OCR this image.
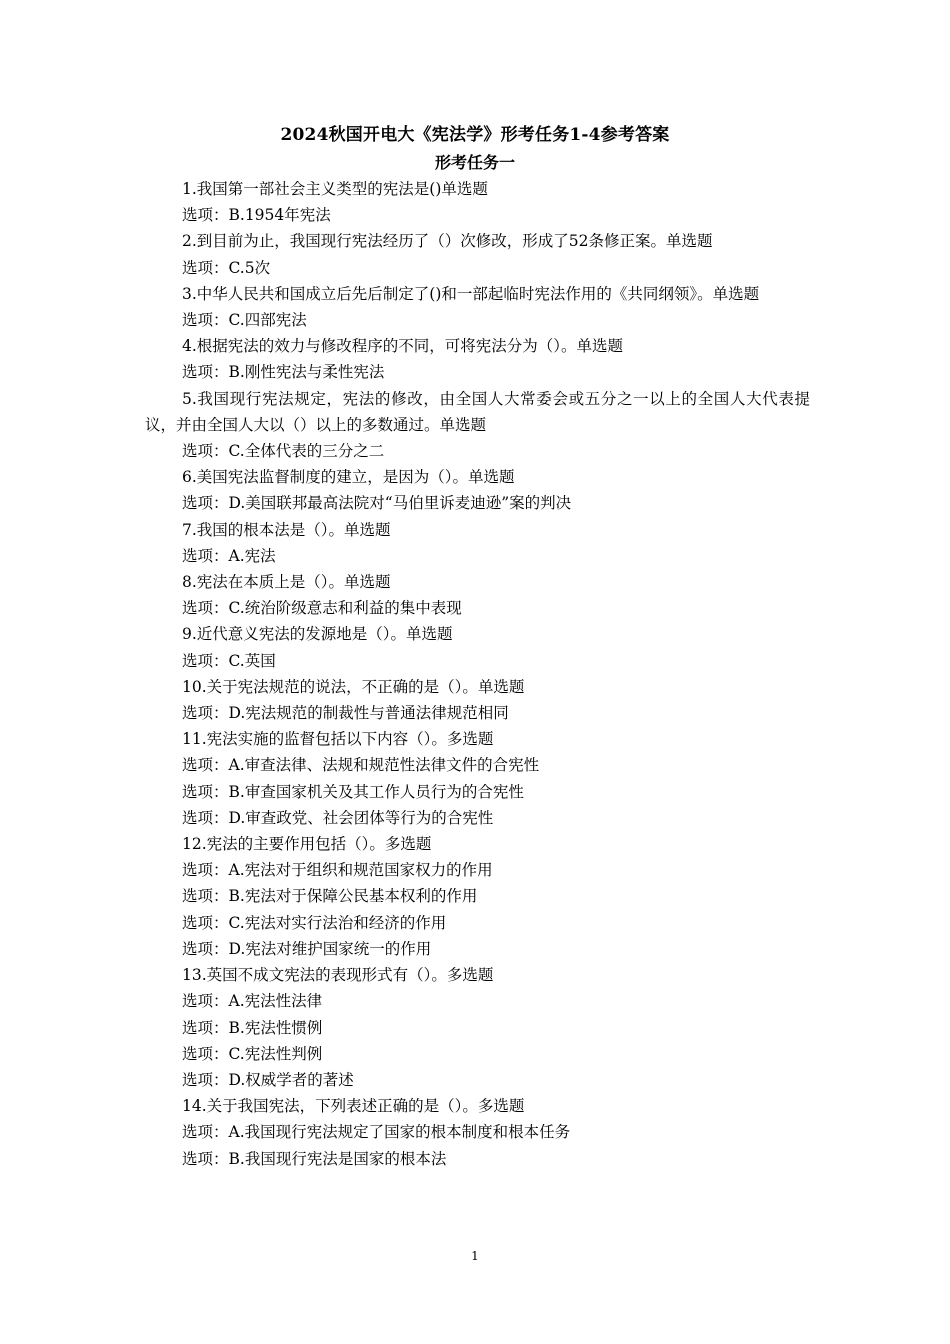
2024秋国开电大《宪法学》形考任务1-4参考答案
形考任务一
1.我国第一部社会主义类型的宪法是()单选题
选项：B.1954年宪法
2.到目前为止，我国现行宪法经历了（）次修改，形成了52条修正案。单选题
选项：C.5次
3.中华人民共和国成立后先后制定了()和一部起临时宪法作用的《共同纲领》。单选题
选项：C.四部宪法
4.根据宪法的效力与修改程序的不同，可将宪法分为（）。单选题
选项：B.刚性宪法与柔性宪法
5.我国现行宪法规定，宪法的修改，由全国人大常委会或五分之一以上的全国人大代表提议，并由全国人大以（）以上的多数通过。单选题
选项：C.全体代表的三分之二
6.美国宪法监督制度的建立，是因为（）。单选题
选项：D.美国联邦最高法院对“马伯里诉麦迪逊”案的判决
7.我国的根本法是（）。单选题
选项：A.宪法
8.宪法在本质上是（）。单选题
选项：C.统治阶级意志和利益的集中表现
9.近代意义宪法的发源地是（）。单选题
选项：C.英国
10.关于宪法规范的说法，不正确的是（）。单选题
选项：D.宪法规范的制裁性与普通法律规范相同
11.宪法实施的监督包括以下内容（）。多选题
选项：A.审查法律、法规和规范性法律文件的合宪性
选项：B.审查国家机关及其工作人员行为的合宪性
选项：D.审查政党、社会团体等行为的合宪性
12.宪法的主要作用包括（）。多选题
选项：A.宪法对于组织和规范国家权力的作用
选项：B.宪法对于保障公民基本权利的作用
选项：C.宪法对实行法治和经济的作用
选项：D.宪法对维护国家统一的作用
13.英国不成文宪法的表现形式有（）。多选题
选项：A.宪法性法律
选项：B.宪法性惯例
选项：C.宪法性判例
选项：D.权威学者的著述
14.关于我国宪法，下列表述正确的是（）。多选题
选项：A.我国现行宪法规定了国家的根本制度和根本任务
选项：B.我国现行宪法是国家的根本法
1
